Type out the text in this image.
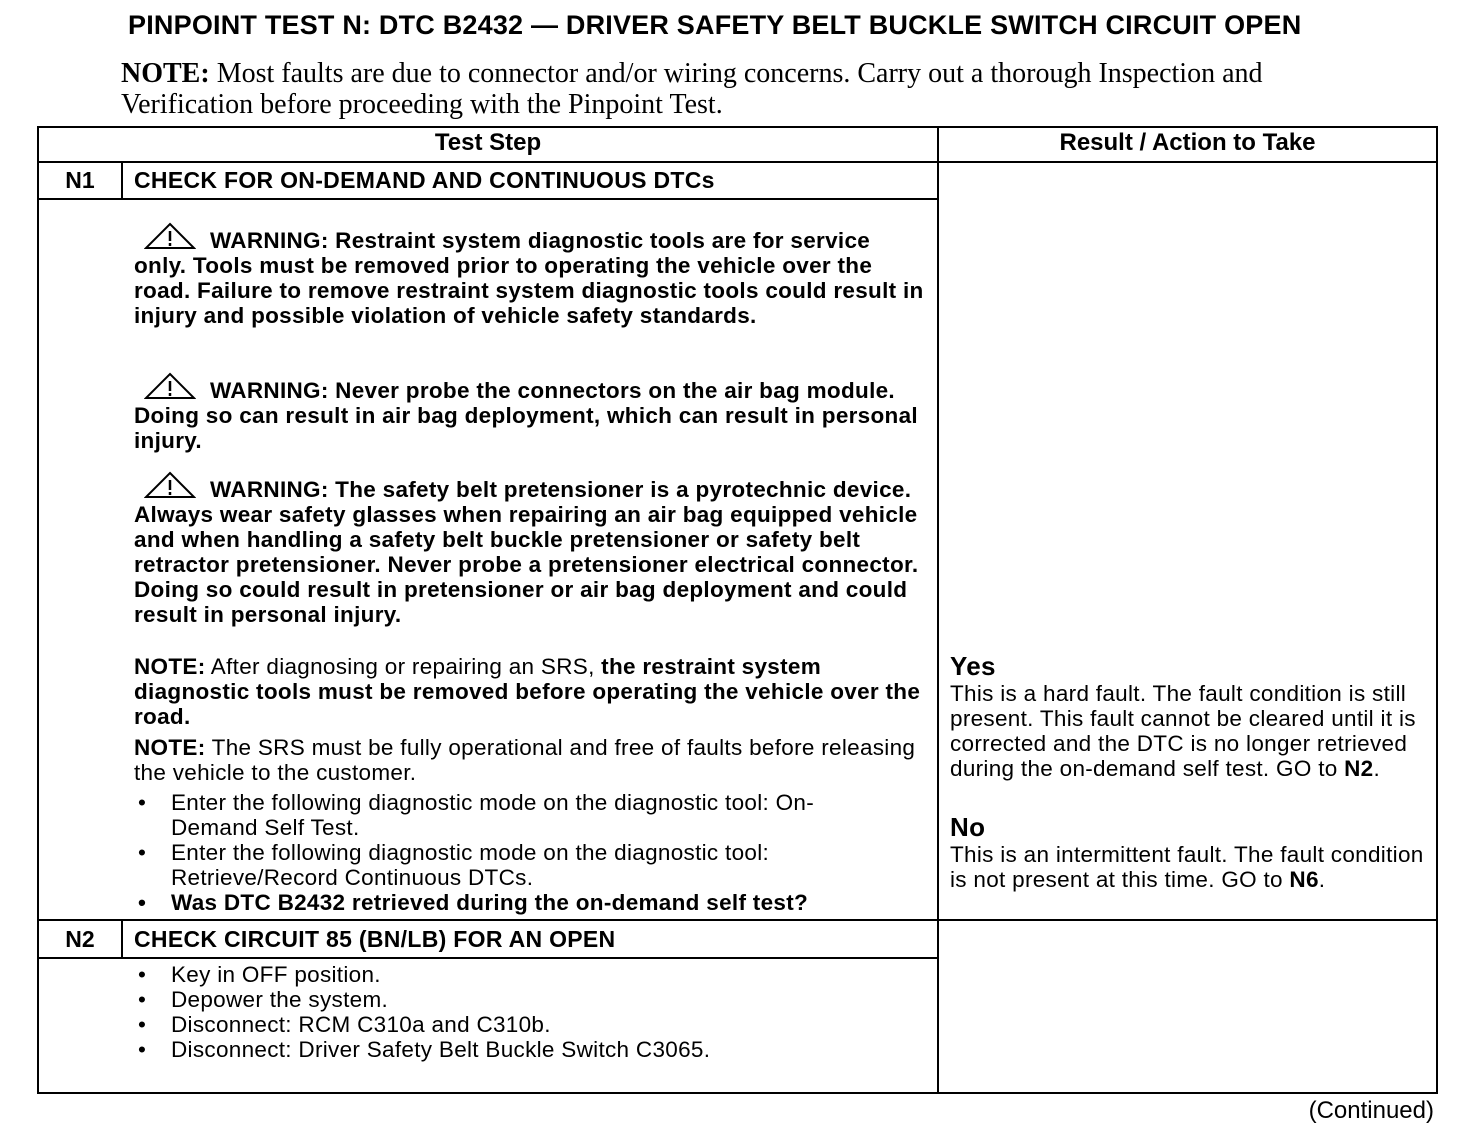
PINPOINT TEST N: DTC B2432 — DRIVER SAFETY BELT BUCKLE SWITCH CIRCUIT OPEN
NOTE: Most faults are due to connector and/or wiring concerns. Carry out a thorough Inspection and Verification before proceeding with the Pinpoint Test.
Test Step	Result / Action to Take
N1	CHECK FOR ON-DEMAND AND CONTINUOUS DTCs

WARNING: Restraint system diagnostic tools are for service only. Tools must be removed prior to operating the vehicle over the road. Failure to remove restraint system diagnostic tools could result in injury and possible violation of vehicle safety standards.

WARNING: Never probe the connectors on the air bag module. Doing so can result in air bag deployment, which can result in personal injury.

WARNING: The safety belt pretensioner is a pyrotechnic device. Always wear safety glasses when repairing an air bag equipped vehicle and when handling a safety belt buckle pretensioner or safety belt retractor pretensioner. Never probe a pretensioner electrical connector. Doing so could result in pretensioner or air bag deployment and could result in personal injury.

NOTE: After diagnosing or repairing an SRS, the restraint system diagnostic tools must be removed before operating the vehicle over the road.

NOTE: The SRS must be fully operational and free of faults before releasing the vehicle to the customer.

• Enter the following diagnostic mode on the diagnostic tool: On-Demand Self Test.

• Enter the following diagnostic mode on the diagnostic tool: Retrieve/Record Continuous DTCs.

• Was DTC B2432 retrieved during the on-demand self test?

Yes
This is a hard fault. The fault condition is still present. This fault cannot be cleared until it is corrected and the DTC is no longer retrieved during the on-demand self test. GO to N2.
No
This is an intermittent fault. The fault condition is not present at this time. GO to N6.
N2	CHECK CIRCUIT 85 (BN/LB) FOR AN OPEN

• Key in OFF position.

• Depower the system.

• Disconnect: RCM C310a and C310b.

• Disconnect: Driver Safety Belt Buckle Switch C3065.

(Continued)
